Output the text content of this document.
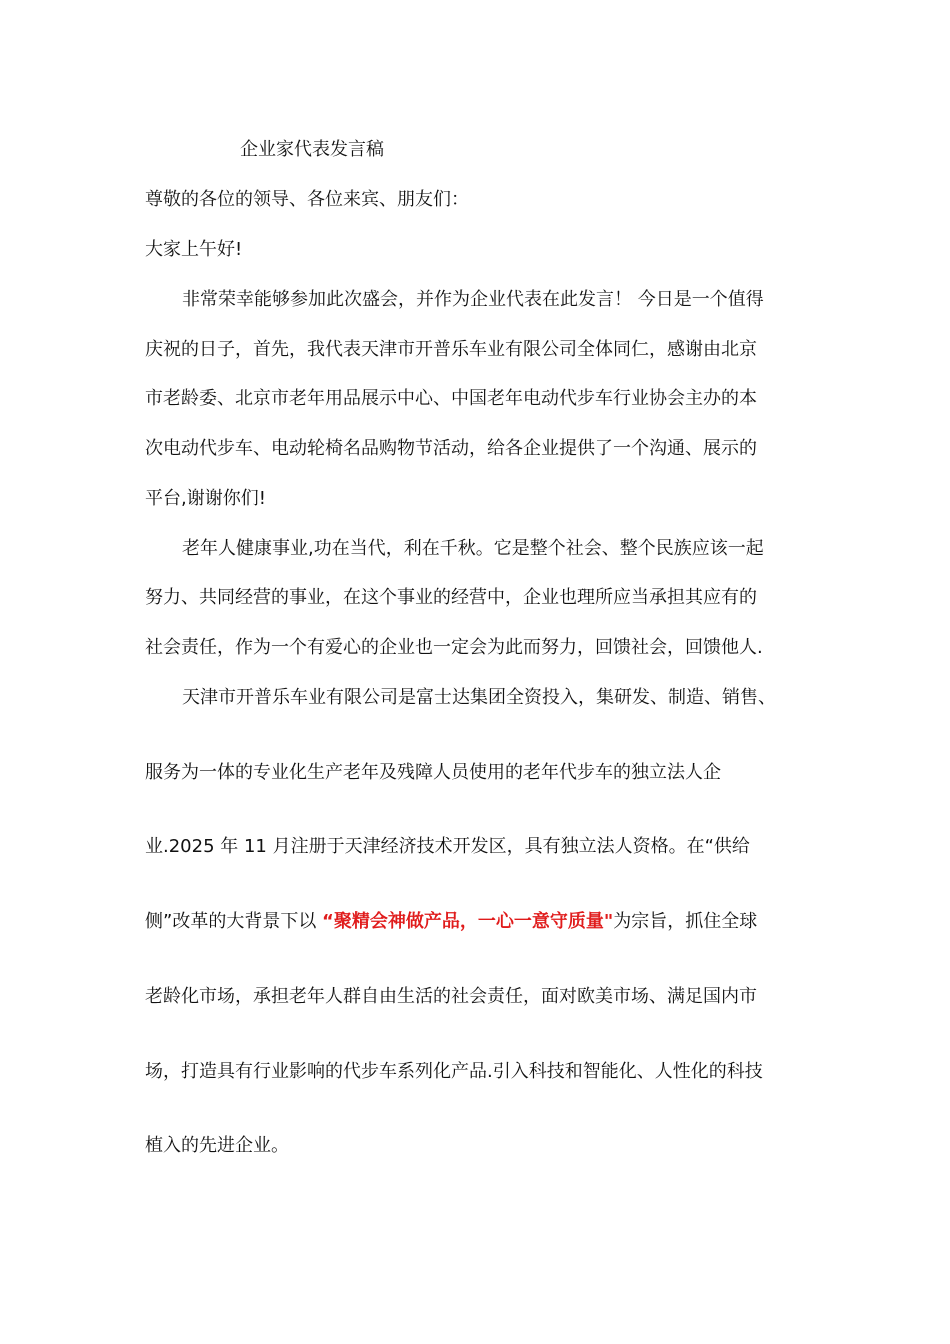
企业家代表发言稿
尊敬的各位的领导、各位来宾、朋友们：
大家上午好!
非常荣幸能够参加此次盛会，并作为企业代表在此发言！ 今日是一个值得
庆祝的日子，首先，我代表天津市开普乐车业有限公司全体同仁，感谢由北京
市老龄委、北京市老年用品展示中心、中国老年电动代步车行业协会主办的本
次电动代步车、电动轮椅名品购物节活动，给各企业提供了一个沟通、展示的
平台,谢谢你们!
老年人健康事业,功在当代，利在千秋。它是整个社会、整个民族应该一起
努力、共同经营的事业，在这个事业的经营中，企业也理所应当承担其应有的
社会责任，作为一个有爱心的企业也一定会为此而努力，回馈社会，回馈他人.
天津市开普乐车业有限公司是富士达集团全资投入，集研发、制造、销售、
服务为一体的专业化生产老年及残障人员使用的老年代步车的独立法人企
业.2025 年 11 月注册于天津经济技术开发区，具有独立法人资格。在“供给
侧”改革的大背景下以 “聚精会神做产品，一心一意守质量"为宗旨，抓住全球
老龄化市场，承担老年人群自由生活的社会责任，面对欧美市场、满足国内市
场，打造具有行业影响的代步车系列化产品.引入科技和智能化、人性化的科技
植入的先进企业。
